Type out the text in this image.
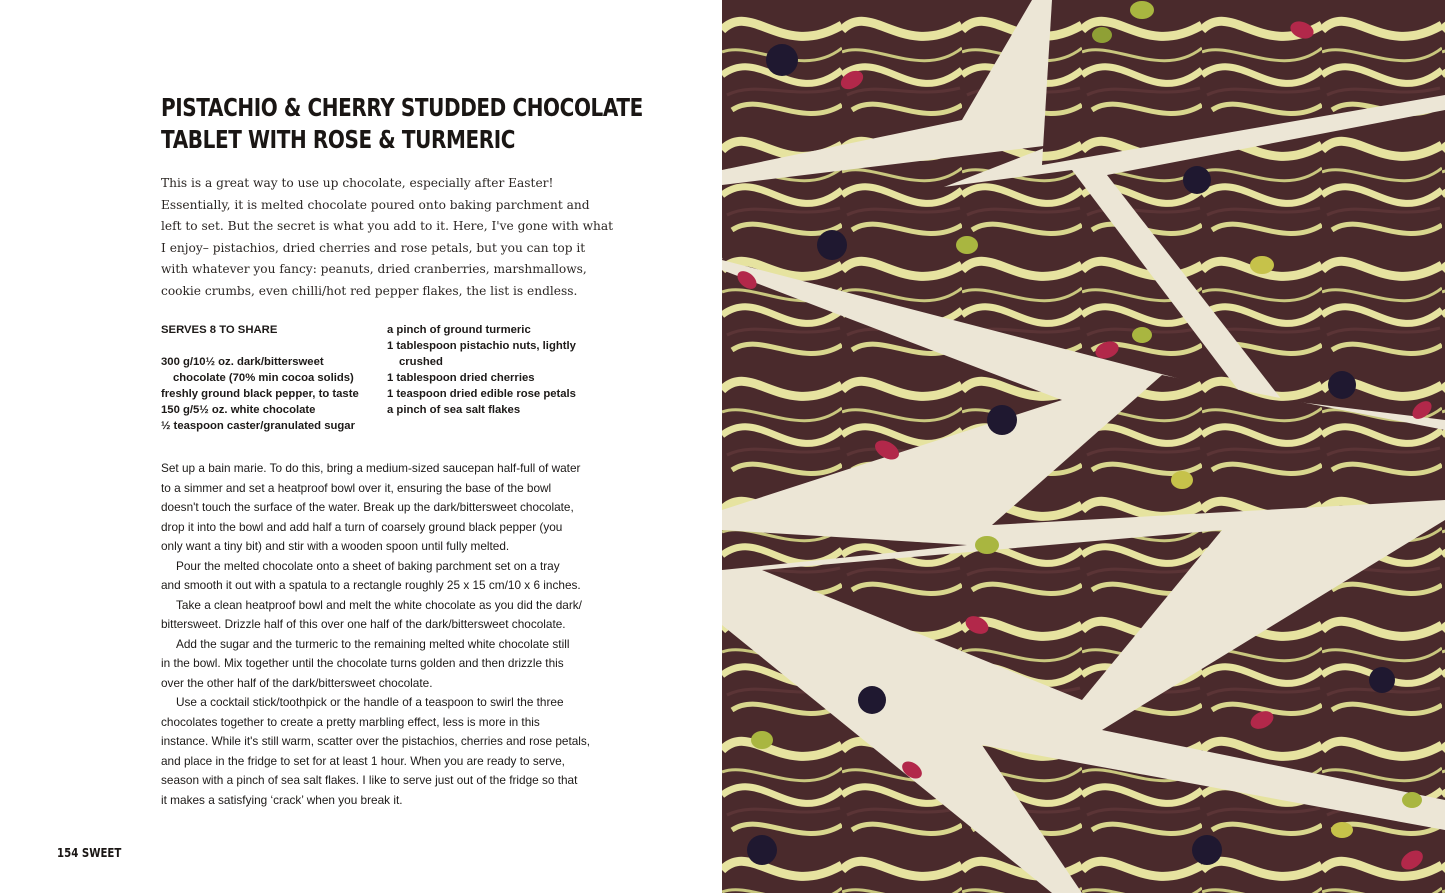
PISTACHIO & CHERRY STUDDED CHOCOLATE
TABLET WITH ROSE & TURMERIC
This is a great way to use up chocolate, especially after Easter!
Essentially, it is melted chocolate poured onto baking parchment and
left to set. But the secret is what you add to it. Here, I've gone with what
I enjoy– pistachios, dried cherries and rose petals, but you can top it
with whatever you fancy: peanuts, dried cranberries, marshmallows,
cookie crumbs, even chilli/hot red pepper flakes, the list is endless.
SERVES 8 TO SHARE
300 g/10½ oz. dark/bittersweet
chocolate (70% min cocoa solids)
freshly ground black pepper, to taste
150 g/5½ oz. white chocolate
½ teaspoon caster/granulated sugar
a pinch of ground turmeric
1 tablespoon pistachio nuts, lightly
crushed
1 tablespoon dried cherries
1 teaspoon dried edible rose petals
a pinch of sea salt flakes
Set up a bain marie. To do this, bring a medium-sized saucepan half-full of water
to a simmer and set a heatproof bowl over it, ensuring the base of the bowl
doesn't touch the surface of the water. Break up the dark/bittersweet chocolate,
drop it into the bowl and add half a turn of coarsely ground black pepper (you
only want a tiny bit) and stir with a wooden spoon until fully melted.
Pour the melted chocolate onto a sheet of baking parchment set on a tray
and smooth it out with a spatula to a rectangle roughly 25 x 15 cm/10 x 6 inches.
Take a clean heatproof bowl and melt the white chocolate as you did the dark/
bittersweet. Drizzle half of this over one half of the dark/bittersweet chocolate.
Add the sugar and the turmeric to the remaining melted white chocolate still
in the bowl. Mix together until the chocolate turns golden and then drizzle this
over the other half of the dark/bittersweet chocolate.
Use a cocktail stick/toothpick or the handle of a teaspoon to swirl the three
chocolates together to create a pretty marbling effect, less is more in this
instance. While it's still warm, scatter over the pistachios, cherries and rose petals,
and place in the fridge to set for at least 1 hour. When you are ready to serve,
season with a pinch of sea salt flakes. I like to serve just out of the fridge so that
it makes a satisfying ‘crack’ when you break it.
154 SWEET
